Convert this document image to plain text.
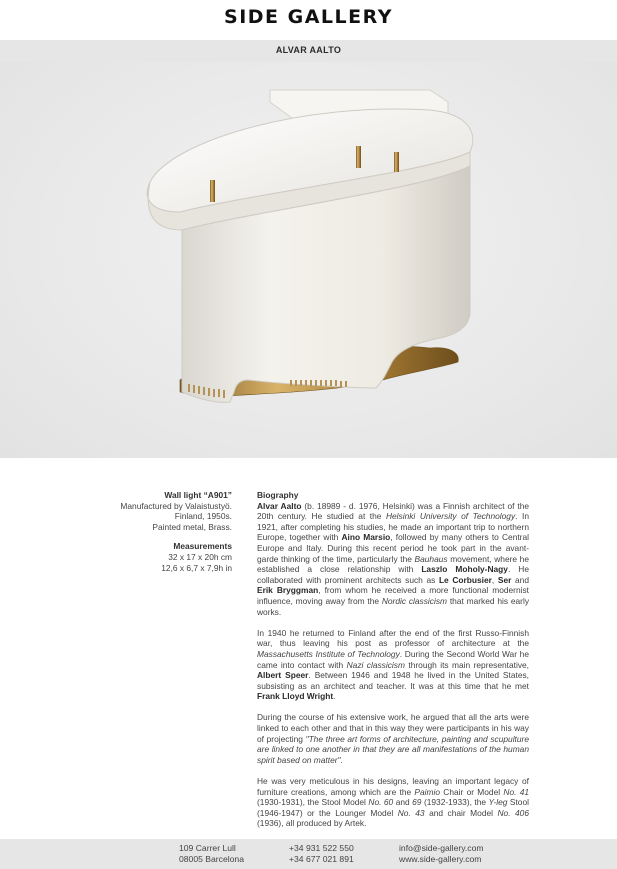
SIDE GALLERY
ALVAR AALTO
Wall light “A901”
Manufactured by Valaistustyö.
Finland, 1950s.
Painted metal, Brass.
Measurements
32 x 17 x 20h cm
12,6 x 6,7 x 7,9h in
Biography

Alvar Aalto (b. 18989 - d. 1976, Helsinki) was a Finnish architect of the 20th century. He studied at the Helsinki University of Technology. In 1921, after completing his studies, he made an important trip to northern Europe, together with Aino Marsio, followed by many others to Central Europe and Italy. During this recent period he took part in the avant-garde thinking of the time, particularly the Bauhaus movement, where he established a close relationship with Laszlo Moholy-Nagy. He collaborated with prominent architects such as Le Corbusier, Ser and Erik Bryggman, from whom he received a more functional modernist influence, moving away from the Nordic classicism that marked his early works.

In 1940 he returned to Finland after the end of the first Russo-Finnish war, thus leaving his post as professor of architecture at the Massachusetts Institute of Technology. During the Second World War he came into contact with Nazi classicism through its main representative, Albert Speer. Between 1946 and 1948 he lived in the United States, subsisting as an architect and teacher. It was at this time that he met Frank Lloyd Wright.

During the course of his extensive work, he argued that all the arts were linked to each other and that in this way they were participants in his way of projecting "The three art forms of architecture, painting and scupulture are linked to one another in that they are all manifestations of the human spirit based on matter".

He was very meticulous in his designs, leaving an important legacy of furniture creations, among which are the Paimio Chair or Model No. 41 (1930-1931), the Stool Model No. 60 and 69 (1932-1933), the Y-leg Stool (1946-1947) or the Lounger Model No. 43 and chair Model No. 406 (1936), all produced by Artek.

109 Carrer Lull
08005 Barcelona
+34 931 522 550
+34 677 021 891
info@side-gallery.com
www.side-gallery.com
